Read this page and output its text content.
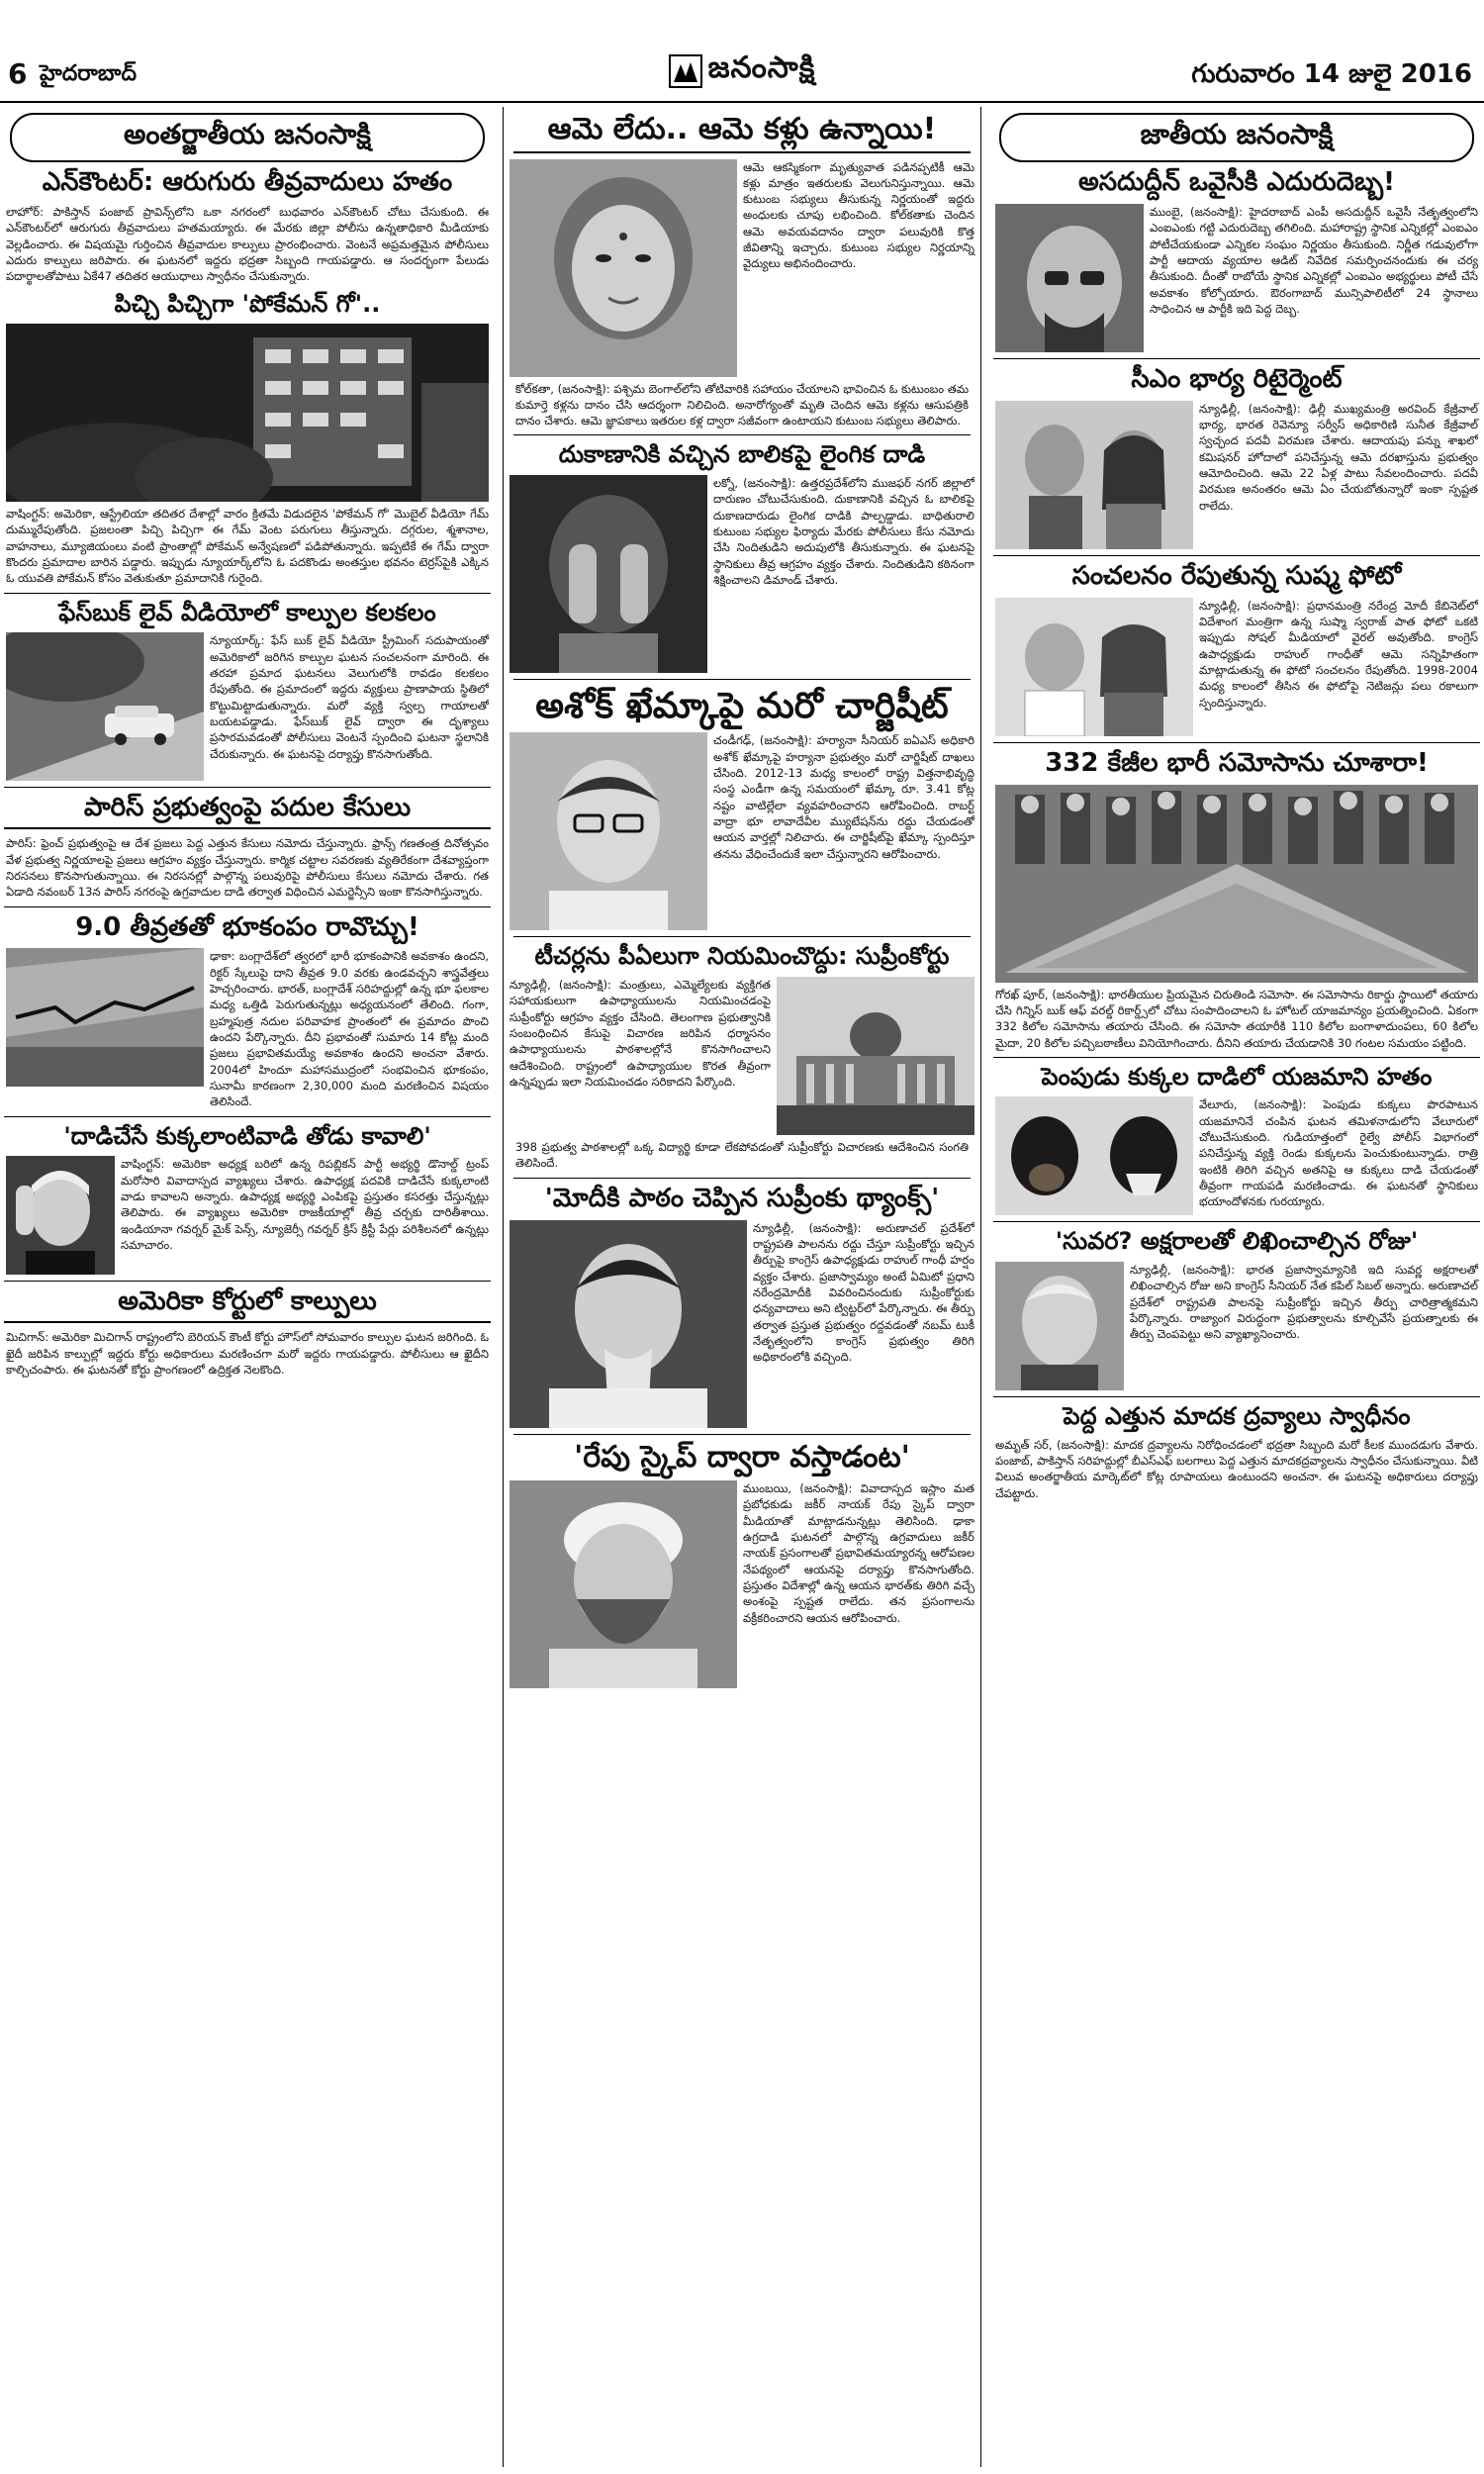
6 హైదరాబాద్	జనంసాక్షి	గురువారం 14 జులై 2016
అంతర్జాతీయ జనంసాక్షి
ఎన్‌కౌంటర్: ఆరుగురు తీవ్రవాదులు హతం

లాహోర్: పాకిస్తాన్ పంజాబ్ ప్రావిన్స్‌లోని ఒకా నగరంలో బుధవారం ఎన్‌కౌంటర్ చోటు చేసుకుంది. ఈ ఎన్‌కౌంటర్‌లో ఆరుగురు తీవ్రవాదులు హతమయ్యారు. ఈ మేరకు జిల్లా పోలీసు ఉన్నతాధికారి మీడియాకు వెల్లడించారు. ఈ విషయమై గుర్తించిన తీవ్రవాదుల కాల్పులు ప్రారంభించారు. వెంటనే అప్రమత్తమైన పోలీసులు ఎదురు కాల్పులు జరిపారు. ఈ ఘటనలో ఇద్దరు భద్రతా సిబ్బంది గాయపడ్డారు. ఆ సందర్భంగా పేలుడు పదార్థాలతోపాటు ఏకే47 తదితర ఆయుధాలు స్వాధీనం చేసుకున్నారు.

పిచ్చి పిచ్చిగా 'పోకేమన్ గో'..

వాషింగ్టన్: అమెరికా, ఆస్ట్రేలియా తదితర దేశాల్లో వారం క్రితమే విడుదలైన 'పోకేమన్ గో' మొబైల్ వీడియో గేమ్ దుమ్మురేపుతోంది. ప్రజలంతా పిచ్చి పిచ్చిగా ఈ గేమ్ వెంట పరుగులు తీస్తున్నారు. దగ్గరుల, శ్మశానాల, వాహనాలు, మ్యూజియంలు వంటి ప్రాంతాల్లో పోకేమన్ అన్వేషణలో పడిపోతున్నారు. ఇప్పటికే ఈ గేమ్ ద్వారా కొందరు ప్రమాదాల బారిన పడ్డారు. ఇప్పుడు న్యూయార్క్‌లోని ఓ పదకొండు అంతస్తుల భవనం టెర్రస్‌పైకి ఎక్కిన ఓ యువతి పోకేమన్ కోసం వెతుకుతూ ప్రమాదానికి గురైంది.

ఫేస్‌బుక్ లైవ్ వీడియోలో కాల్పుల కలకలం

న్యూయార్క్: ఫేస్ బుక్ లైవ్ వీడియో స్ట్రీమింగ్ సదుపాయంతో అమెరికాలో జరిగిన కాల్పుల ఘటన సంచలనంగా మారింది. ఈ తరహా ప్రమాద ఘటనలు వెలుగులోకి రావడం కలకలం రేపుతోంది. ఈ ప్రమాదంలో ఇద్దరు వ్యక్తులు ప్రాణాపాయ స్థితిలో కొట్టుమిట్టాడుతున్నారు. మరో వ్యక్తి స్వల్ప గాయాలతో బయటపడ్డాడు. ఫేస్‌బుక్ లైవ్ ద్వారా ఈ దృశ్యాలు ప్రసారమవడంతో పోలీసులు వెంటనే స్పందించి ఘటనా స్థలానికి చేరుకున్నారు. ఈ ఘటనపై దర్యాప్తు కొనసాగుతోంది.

పారిస్ ప్రభుత్వంపై పదుల కేసులు

పారిస్: ఫ్రెంచ్ ప్రభుత్వంపై ఆ దేశ ప్రజలు పెద్ద ఎత్తున కేసులు నమోదు చేస్తున్నారు. ఫ్రాన్స్ గణతంత్ర దినోత్సవం వేళ ప్రభుత్వ నిర్ణయాలపై ప్రజలు ఆగ్రహం వ్యక్తం చేస్తున్నారు. కార్మిక చట్టాల సవరణకు వ్యతిరేకంగా దేశవ్యాప్తంగా నిరసనలు కొనసాగుతున్నాయి. ఈ నిరసనల్లో పాల్గొన్న పలువురిపై పోలీసులు కేసులు నమోదు చేశారు. గత ఏడాది నవంబర్ 13న పారిస్ నగరంపై ఉగ్రవాదుల దాడి తర్వాత విధించిన ఎమర్జెన్సీని ఇంకా కొనసాగిస్తున్నారు.

9.0 తీవ్రతతో భూకంపం రావొచ్చు!

ఢాకా: బంగ్లాదేశ్‌లో త్వరలో భారీ భూకంపానికి అవకాశం ఉందని, రిక్టర్ స్కేలుపై దాని తీవ్రత 9.0 వరకు ఉండవచ్చని శాస్త్రవేత్తలు హెచ్చరించారు. భారత్, బంగ్లాదేశ్ సరిహద్దుల్లో ఉన్న భూ ఫలకాల మధ్య ఒత్తిడి పెరుగుతున్నట్లు అధ్యయనంలో తేలింది. గంగా, బ్రహ్మపుత్ర నదుల పరివాహక ప్రాంతంలో ఈ ప్రమాదం పొంచి ఉందని పేర్కొన్నారు. దీని ప్రభావంతో సుమారు 14 కోట్ల మంది ప్రజలు ప్రభావితమయ్యే అవకాశం ఉందని అంచనా వేశారు. 2004లో హిందూ మహాసముద్రంలో సంభవించిన భూకంపం, సునామీ కారణంగా 2,30,000 మంది మరణించిన విషయం తెలిసిందే.

'దాడిచేసే కుక్కలాంటివాడి తోడు కావాలి'

వాషింగ్టన్: అమెరికా అధ్యక్ష బరిలో ఉన్న రిపబ్లికన్ పార్టీ అభ్యర్థి డొనాల్డ్ ట్రంప్ మరోసారి వివాదాస్పద వ్యాఖ్యలు చేశారు. ఉపాధ్యక్ష పదవికి దాడిచేసే కుక్కలాంటి వాడు కావాలని అన్నారు. ఉపాధ్యక్ష అభ్యర్థి ఎంపికపై ప్రస్తుతం కసరత్తు చేస్తున్నట్లు తెలిపారు. ఈ వ్యాఖ్యలు అమెరికా రాజకీయాల్లో తీవ్ర చర్చకు దారితీశాయి. ఇండియానా గవర్నర్ మైక్ పెన్స్, న్యూజెర్సీ గవర్నర్ క్రిస్ క్రిస్టీ పేర్లు పరిశీలనలో ఉన్నట్లు సమాచారం.

అమెరికా కోర్టులో కాల్పులు

మిచిగాన్: అమెరికా మిచిగాన్ రాష్ట్రంలోని బెరియన్ కౌంటీ కోర్టు హౌస్‌లో సోమవారం కాల్పుల ఘటన జరిగింది. ఓ ఖైదీ జరిపిన కాల్పుల్లో ఇద్దరు కోర్టు అధికారులు మరణించగా మరో ఇద్దరు గాయపడ్డారు. పోలీసులు ఆ ఖైదీని కాల్చిచంపారు. ఈ ఘటనతో కోర్టు ప్రాంగణంలో ఉద్రిక్తత నెలకొంది.

ఆమె లేదు.. ఆమె కళ్లు ఉన్నాయి!

ఆమె ఆకస్మికంగా మృత్యువాత పడినప్పటికీ ఆమె కళ్లు మాత్రం ఇతరులకు వెలుగునిస్తున్నాయి. ఆమె కుటుంబ సభ్యులు తీసుకున్న నిర్ణయంతో ఇద్దరు అంధులకు చూపు లభించింది. కోల్‌కతాకు చెందిన ఆమె అవయవదానం ద్వారా పలువురికి కొత్త జీవితాన్ని ఇచ్చారు. కుటుంబ సభ్యుల నిర్ణయాన్ని వైద్యులు అభినందించారు.

కోల్‌కతా, (జనంసాక్షి): పశ్చిమ బెంగాల్‌లోని తోటివారికి సహాయం చేయాలని భావించిన ఓ కుటుంబం తమ కుమార్తె కళ్లను దానం చేసి ఆదర్శంగా నిలిచింది. అనారోగ్యంతో మృతి చెందిన ఆమె కళ్లను ఆసుపత్రికి దానం చేశారు. ఆమె జ్ఞాపకాలు ఇతరుల కళ్ల ద్వారా సజీవంగా ఉంటాయని కుటుంబ సభ్యులు తెలిపారు.

దుకాణానికి వచ్చిన బాలికపై లైంగిక దాడి

లక్నో, (జనంసాక్షి): ఉత్తరప్రదేశ్‌లోని ముజఫర్ నగర్ జిల్లాలో దారుణం చోటుచేసుకుంది. దుకాణానికి వచ్చిన ఓ బాలికపై దుకాణదారుడు లైంగిక దాడికి పాల్పడ్డాడు. బాధితురాలి కుటుంబ సభ్యుల ఫిర్యాదు మేరకు పోలీసులు కేసు నమోదు చేసి నిందితుడిని అదుపులోకి తీసుకున్నారు. ఈ ఘటనపై స్థానికులు తీవ్ర ఆగ్రహం వ్యక్తం చేశారు. నిందితుడిని కఠినంగా శిక్షించాలని డిమాండ్ చేశారు.

అశోక్ ఖేమ్కాపై మరో చార్జిషీట్

చండీగఢ్, (జనంసాక్షి): హర్యానా సీనియర్ ఐఏఎస్ అధికారి అశోక్ ఖేమ్కాపై హర్యానా ప్రభుత్వం మరో చార్జిషీట్ దాఖలు చేసింది. 2012-13 మధ్య కాలంలో రాష్ట్ర విత్తనాభివృద్ధి సంస్థ ఎండీగా ఉన్న సమయంలో ఖేమ్కా రూ. 3.41 కోట్ల నష్టం వాటిల్లేలా వ్యవహరించారని ఆరోపించింది. రాబర్ట్ వాద్రా భూ లావాదేవీల మ్యుటేషన్‌ను రద్దు చేయడంతో ఆయన వార్తల్లో నిలిచారు. ఈ చార్జిషీట్‌పై ఖేమ్కా స్పందిస్తూ తనను వేధించేందుకే ఇలా చేస్తున్నారని ఆరోపించారు.

టీచర్లను పీఏలుగా నియమించొద్దు: సుప్రీంకోర్టు

న్యూఢిల్లీ, (జనంసాక్షి): మంత్రులు, ఎమ్మెల్యేలకు వ్యక్తిగత సహాయకులుగా ఉపాధ్యాయులను నియమించడంపై సుప్రీంకోర్టు ఆగ్రహం వ్యక్తం చేసింది. తెలంగాణ ప్రభుత్వానికి సంబంధించిన కేసుపై విచారణ జరిపిన ధర్మాసనం ఉపాధ్యాయులను పాఠశాలల్లోనే కొనసాగించాలని ఆదేశించింది. రాష్ట్రంలో ఉపాధ్యాయుల కొరత తీవ్రంగా ఉన్నప్పుడు ఇలా నియమించడం సరికాదని పేర్కొంది.

398 ప్రభుత్వ పాఠశాలల్లో ఒక్క విద్యార్థి కూడా లేకపోవడంతో సుప్రీంకోర్టు విచారణకు ఆదేశించిన సంగతి తెలిసిందే.

'మోదీకి పాఠం చెప్పిన సుప్రీంకు థ్యాంక్స్'

న్యూఢిల్లీ, (జనంసాక్షి): అరుణాచల్ ప్రదేశ్‌లో రాష్ట్రపతి పాలనను రద్దు చేస్తూ సుప్రీంకోర్టు ఇచ్చిన తీర్పుపై కాంగ్రెస్ ఉపాధ్యక్షుడు రాహుల్ గాంధీ హర్షం వ్యక్తం చేశారు. ప్రజాస్వామ్యం అంటే ఏమిటో ప్రధాని నరేంద్రమోదీకి వివరించినందుకు సుప్రీంకోర్టుకు ధన్యవాదాలు అని ట్విట్టర్‌లో పేర్కొన్నారు. ఈ తీర్పు తర్వాత ప్రస్తుత ప్రభుత్వం రద్దవడంతో నబమ్ టుకీ నేతృత్వంలోని కాంగ్రెస్ ప్రభుత్వం తిరిగి అధికారంలోకి వచ్చింది.

'రేపు స్కైప్ ద్వారా వస్తాడంట'

ముంబయి, (జనంసాక్షి): వివాదాస్పద ఇస్లాం మత ప్రబోధకుడు జకీర్ నాయక్ రేపు స్కైప్ ద్వారా మీడియాతో మాట్లాడనున్నట్లు తెలిసింది. ఢాకా ఉగ్రదాడి ఘటనలో పాల్గొన్న ఉగ్రవాదులు జకీర్ నాయక్ ప్రసంగాలతో ప్రభావితమయ్యారన్న ఆరోపణల నేపథ్యంలో ఆయనపై దర్యాప్తు కొనసాగుతోంది. ప్రస్తుతం విదేశాల్లో ఉన్న ఆయన భారత్‌కు తిరిగి వచ్చే అంశంపై స్పష్టత రాలేదు. తన ప్రసంగాలను వక్రీకరించారని ఆయన ఆరోపించారు.

జాతీయ జనంసాక్షి
అసదుద్దీన్ ఒవైసీకి ఎదురుదెబ్బ!

ముంబై, (జనంసాక్షి): హైదరాబాద్ ఎంపీ అసదుద్దీన్ ఒవైసీ నేతృత్వంలోని ఎంఐఎంకు గట్టి ఎదురుదెబ్బ తగిలింది. మహారాష్ట్ర స్థానిక ఎన్నికల్లో ఎంఐఎం పోటీచేయకుండా ఎన్నికల సంఘం నిర్ణయం తీసుకుంది. నిర్ణీత గడువులోగా పార్టీ ఆదాయ వ్యయాల ఆడిట్ నివేదిక సమర్పించనందుకు ఈ చర్య తీసుకుంది. దీంతో రాబోయే స్థానిక ఎన్నికల్లో ఎంఐఎం అభ్యర్థులు పోటీ చేసే అవకాశం కోల్పోయారు. ఔరంగాబాద్ మున్సిపాలిటీలో 24 స్థానాలు సాధించిన ఆ పార్టీకి ఇది పెద్ద దెబ్బ.

సీఎం భార్య రిటైర్మెంట్

న్యూఢిల్లీ, (జనంసాక్షి): ఢిల్లీ ముఖ్యమంత్రి అరవింద్ కేజ్రీవాల్ భార్య, భారత రెవెన్యూ సర్వీస్ అధికారిణి సునీత కేజ్రీవాల్ స్వచ్ఛంద పదవీ విరమణ చేశారు. ఆదాయపు పన్ను శాఖలో కమిషనర్ హోదాలో పనిచేస్తున్న ఆమె దరఖాస్తును ప్రభుత్వం ఆమోదించింది. ఆమె 22 ఏళ్ల పాటు సేవలందించారు. పదవీ విరమణ అనంతరం ఆమె ఏం చేయబోతున్నారో ఇంకా స్పష్టత రాలేదు.

సంచలనం రేపుతున్న సుష్మ ఫోటో

న్యూఢిల్లీ, (జనంసాక్షి): ప్రధానమంత్రి నరేంద్ర మోదీ కేబినెట్‌లో విదేశాంగ మంత్రిగా ఉన్న సుష్మా స్వరాజ్ పాత ఫోటో ఒకటి ఇప్పుడు సోషల్ మీడియాలో వైరల్ అవుతోంది. కాంగ్రెస్ ఉపాధ్యక్షుడు రాహుల్ గాంధీతో ఆమె సన్నిహితంగా మాట్లాడుతున్న ఈ ఫోటో సంచలనం రేపుతోంది. 1998-2004 మధ్య కాలంలో తీసిన ఈ ఫోటోపై నెటిజన్లు పలు రకాలుగా స్పందిస్తున్నారు.

332 కేజీల భారీ సమోసాను చూశారా!

గోరఖ్ పూర్, (జనంసాక్షి): భారతీయుల ప్రియమైన చిరుతిండి సమోసా. ఈ సమోసాను రికార్డు స్థాయిలో తయారు చేసి గిన్నిస్ బుక్ ఆఫ్ వరల్డ్ రికార్డ్స్‌లో చోటు సంపాదించాలని ఓ హోటల్ యాజమాన్యం ప్రయత్నించింది. ఏకంగా 332 కిలోల సమోసాను తయారు చేసింది. ఈ సమోసా తయారీకి 110 కిలోల బంగాళాదుంపలు, 60 కిలోల మైదా, 20 కిలోల పచ్చిబఠాణీలు వినియోగించారు. దీనిని తయారు చేయడానికి 30 గంటల సమయం పట్టింది.

పెంపుడు కుక్కల దాడిలో యజమాని హతం

వేలూరు, (జనంసాక్షి): పెంపుడు కుక్కలు పొరపాటున యజమానినే చంపిన ఘటన తమిళనాడులోని వేలూరులో చోటుచేసుకుంది. గుడియాత్తంలో రైల్వే పోలీస్ విభాగంలో పనిచేస్తున్న వ్యక్తి రెండు కుక్కలను పెంచుకుంటున్నాడు. రాత్రి ఇంటికి తిరిగి వచ్చిన అతనిపై ఆ కుక్కలు దాడి చేయడంతో తీవ్రంగా గాయపడి మరణించాడు. ఈ ఘటనతో స్థానికులు భయాందోళనకు గురయ్యారు.

'సువర? అక్షరాలతో లిఖించాల్సిన రోజు'

న్యూఢిల్లీ, (జనంసాక్షి): భారత ప్రజాస్వామ్యానికి ఇది సువర్ణ అక్షరాలతో లిఖించాల్సిన రోజు అని కాంగ్రెస్ సీనియర్ నేత కపిల్ సిబల్ అన్నారు. అరుణాచల్ ప్రదేశ్‌లో రాష్ట్రపతి పాలనపై సుప్రీంకోర్టు ఇచ్చిన తీర్పు చారిత్రాత్మకమని పేర్కొన్నారు. రాజ్యాంగ విరుద్ధంగా ప్రభుత్వాలను కూల్చివేసే ప్రయత్నాలకు ఈ తీర్పు చెంపపెట్టు అని వ్యాఖ్యానించారు.

పెద్ద ఎత్తున మాదక ద్రవ్యాలు స్వాధీనం

అమృత్ సర్, (జనంసాక్షి): మాదక ద్రవ్యాలను నిరోధించడంలో భద్రతా సిబ్బంది మరో కీలక ముందడుగు వేశారు. పంజాబ్, పాకిస్తాన్ సరిహద్దుల్లో బీఎస్ఎఫ్ బలగాలు పెద్ద ఎత్తున మాదకద్రవ్యాలను స్వాధీనం చేసుకున్నాయి. వీటి విలువ అంతర్జాతీయ మార్కెట్‌లో కోట్ల రూపాయలు ఉంటుందని అంచనా. ఈ ఘటనపై అధికారులు దర్యాప్తు చేపట్టారు.
